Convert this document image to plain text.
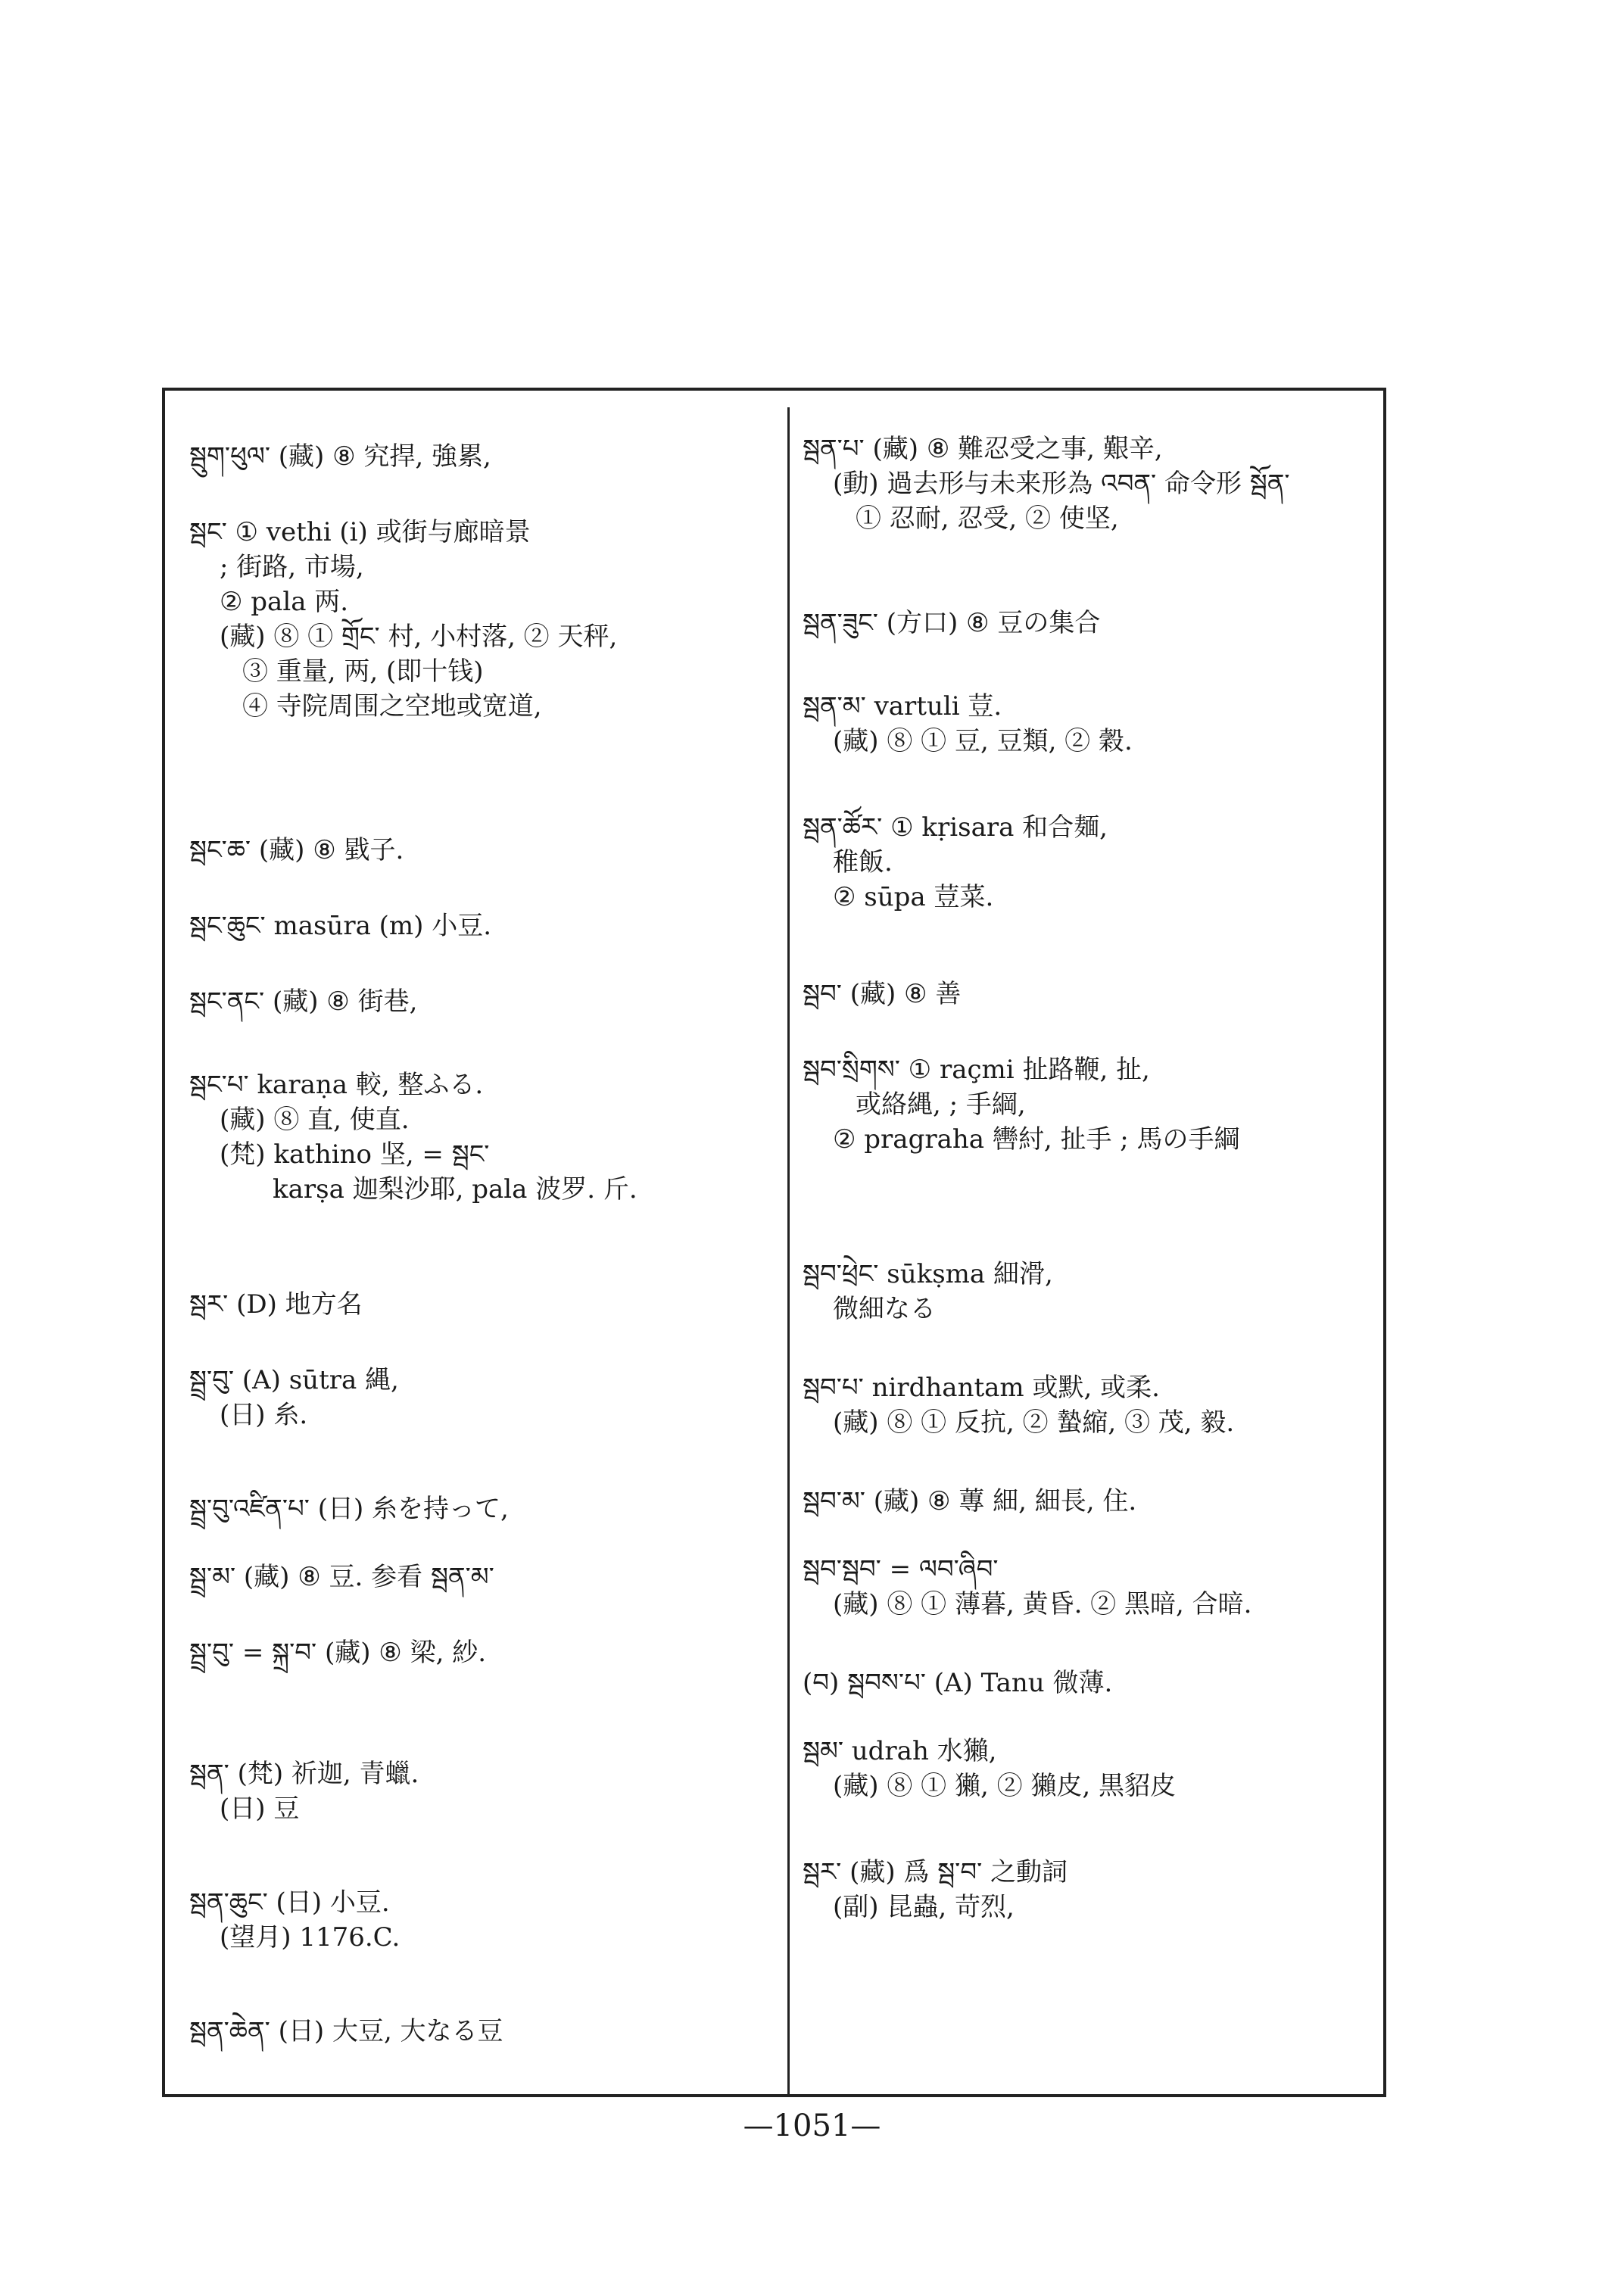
སྦུག་ཕུལ་ (藏) ⑧ 究捍, 強累,
སྦང་ ① vethi (i) 或街与廊暗景
; 街路, 市場,
② pala 两.
(藏) ⑧ ① གྲོང་ 村, 小村落, ② 天秤,
③ 重量, 两, (即十钱)
④ 寺院周围之空地或宽道,
སྦང་ཆ་ (藏) ⑧ 戥子.
སྦང་ཆུང་ masūra (m) 小豆.
སྦང་ནང་ (藏) ⑧ 街巷,
སྦང་པ་ karaṇa 較, 整ふる.
(藏) ⑧ 直, 使直.
(梵) kathino 坚, = སྦང་
karṣa 迦梨沙耶, pala 波罗. 斤.
སྦར་ (D) 地方名
སྦྲ་བུ་ (A) sūtra 縄,
(日) 糸.
སྦྲ་བུ་འཛིན་པ་ (日) 糸を持って,
སྦྲ་མ་ (藏) ⑧ 豆. 参看 སྦན་མ་
སྦྲ་བུ་ = སྐྲ་བ་ (藏) ⑧ 梁, 紗.
སྦན་ (梵) 祈迦, 青蠟.
(日) 豆
སྦན་ཆུང་ (日) 小豆.
(望月) 1176.C.
སྦན་ཆེན་ (日) 大豆, 大なる豆
སྦན་པ་ (藏) ⑧ 難忍受之事, 艱辛,
(動) 過去形与未来形為 འབན་ 命令形 སྦོན་
① 忍耐, 忍受, ② 使坚,
སྦན་ཟུང་ (方口) ⑧ 豆の集合
སྦན་མ་ vartuli 荳.
(藏) ⑧ ① 豆, 豆類, ② 穀.
སྦན་ཚོར་ ① kṛisara 和合麺,
稚飯.
② sūpa 荳菜.
སྦབ་ (藏) ⑧ 善
སྦབ་སྲིགས་ ① raçmi 扯路鞭, 扯,
或絡縄, ; 手綱,
② pragraha 轡紂, 扯手 ; 馬の手綱
སྦབ་ཕྲེང་ sūkṣma 細滑,
微細なる
སྦབ་པ་ nirdhantam 或默, 或柔.
(藏) ⑧ ① 反抗, ② 蟄縮, ③ 茂, 毅.
སྦབ་མ་ (藏) ⑧ 蓴 細, 細長, 住.
སྦབ་སྦབ་ = ལབ་ཞིབ་
(藏) ⑧ ① 薄暮, 黄昏. ② 黑暗, 合暗.
(བ) སྦབས་པ་ (A) Tanu 微薄.
སྦམ་ udrah 水獺,
(藏) ⑧ ① 獺, ② 獺皮, 黒貂皮
སྦར་ (藏) 爲 སྦ་བ་ 之動詞
(副) 昆蟲, 苛烈,
—1051—
